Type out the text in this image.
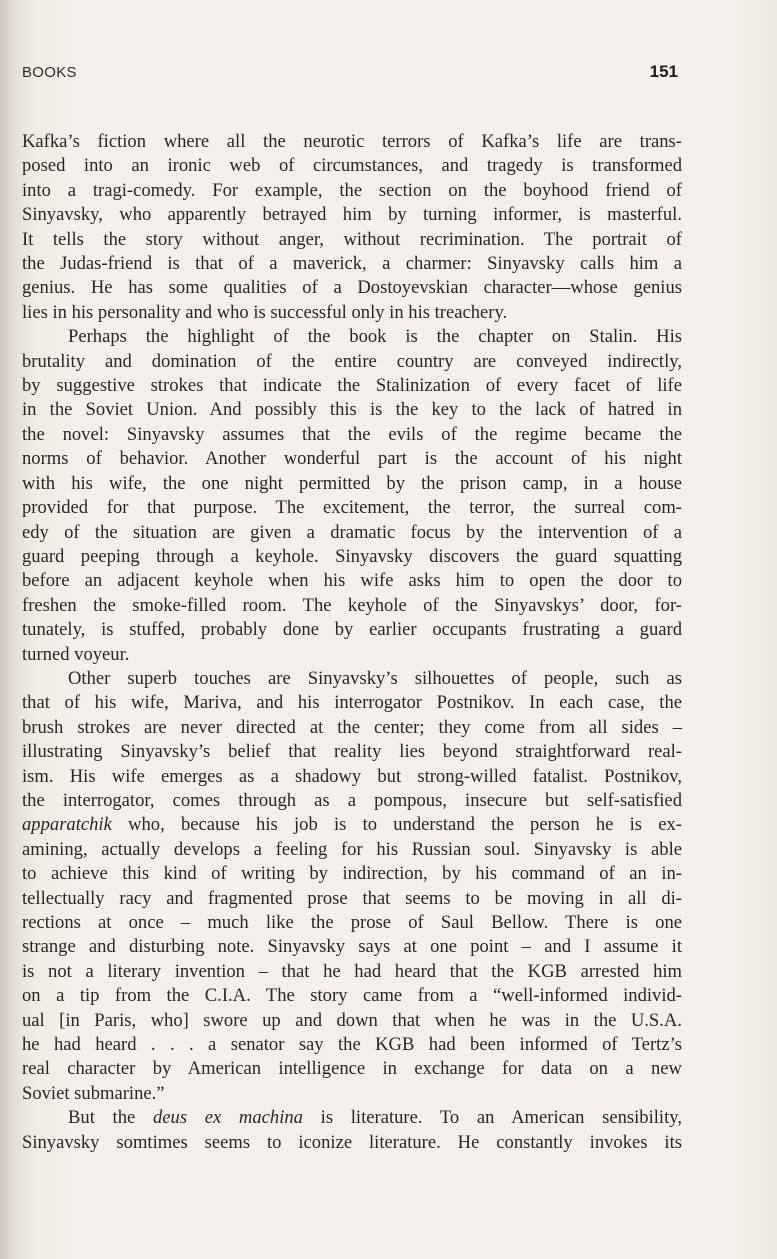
BOOKS	151
Kafka’s fiction where all the neurotic terrors of Kafka’s life are trans-
posed into an ironic web of circumstances, and tragedy is transformed
into a tragi-comedy. For example, the section on the boyhood friend of
Sinyavsky, who apparently betrayed him by turning informer, is masterful.
It tells the story without anger, without recrimination. The portrait of
the Judas-friend is that of a maverick, a charmer: Sinyavsky calls him a
genius. He has some qualities of a Dostoyevskian character—whose genius
lies in his personality and who is successful only in his treachery.
Perhaps the highlight of the book is the chapter on Stalin. His
brutality and domination of the entire country are conveyed indirectly,
by suggestive strokes that indicate the Stalinization of every facet of life
in the Soviet Union. And possibly this is the key to the lack of hatred in
the novel: Sinyavsky assumes that the evils of the regime became the
norms of behavior. Another wonderful part is the account of his night
with his wife, the one night permitted by the prison camp, in a house
provided for that purpose. The excitement, the terror, the surreal com-
edy of the situation are given a dramatic focus by the intervention of a
guard peeping through a keyhole. Sinyavsky discovers the guard squatting
before an adjacent keyhole when his wife asks him to open the door to
freshen the smoke-filled room. The keyhole of the Sinyavskys’ door, for-
tunately, is stuffed, probably done by earlier occupants frustrating a guard
turned voyeur.
Other superb touches are Sinyavsky’s silhouettes of people, such as
that of his wife, Mariva, and his interrogator Postnikov. In each case, the
brush strokes are never directed at the center; they come from all sides –
illustrating Sinyavsky’s belief that reality lies beyond straightforward real-
ism. His wife emerges as a shadowy but strong-willed fatalist. Postnikov,
the interrogator, comes through as a pompous, insecure but self-satisfied
apparatchik who, because his job is to understand the person he is ex-
amining, actually develops a feeling for his Russian soul. Sinyavsky is able
to achieve this kind of writing by indirection, by his command of an in-
tellectually racy and fragmented prose that seems to be moving in all di-
rections at once – much like the prose of Saul Bellow. There is one
strange and disturbing note. Sinyavsky says at one point – and I assume it
is not a literary invention – that he had heard that the KGB arrested him
on a tip from the C.I.A. The story came from a “well-informed individ-
ual [in Paris, who] swore up and down that when he was in the U.S.A.
he had heard . . . a senator say the KGB had been informed of Tertz’s
real character by American intelligence in exchange for data on a new
Soviet submarine.”
But the deus ex machina is literature. To an American sensibility,
Sinyavsky somtimes seems to iconize literature. He constantly invokes its
